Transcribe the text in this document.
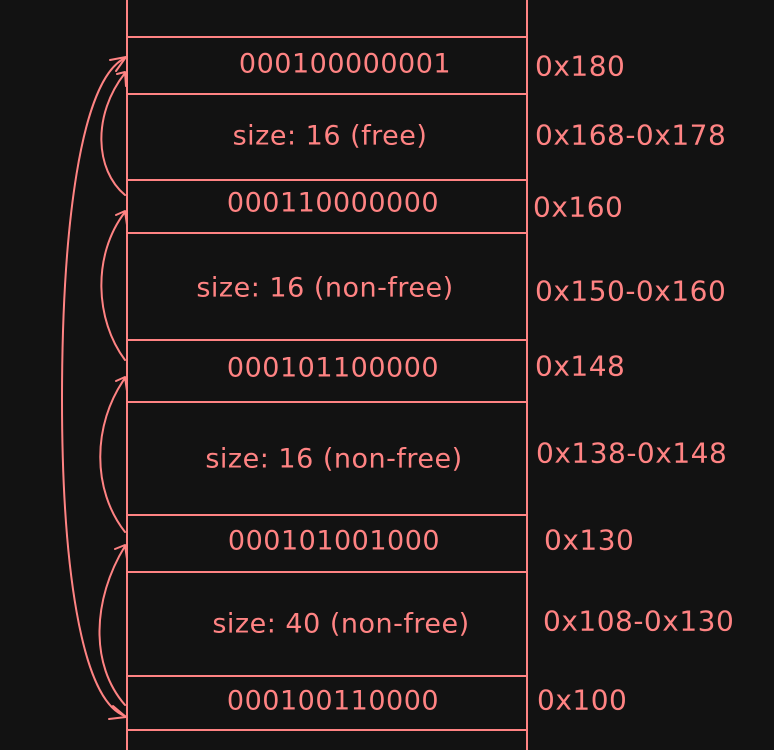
000100000001
size: 16 (free)
000110000000
size: 16 (non-free)
000101100000
size: 16 (non-free)
000101001000
size: 40 (non-free)
000100110000
0x180
0x168-0x178
0x160
0x150-0x160
0x148
0x138-0x148
0x130
0x108-0x130
0x100
